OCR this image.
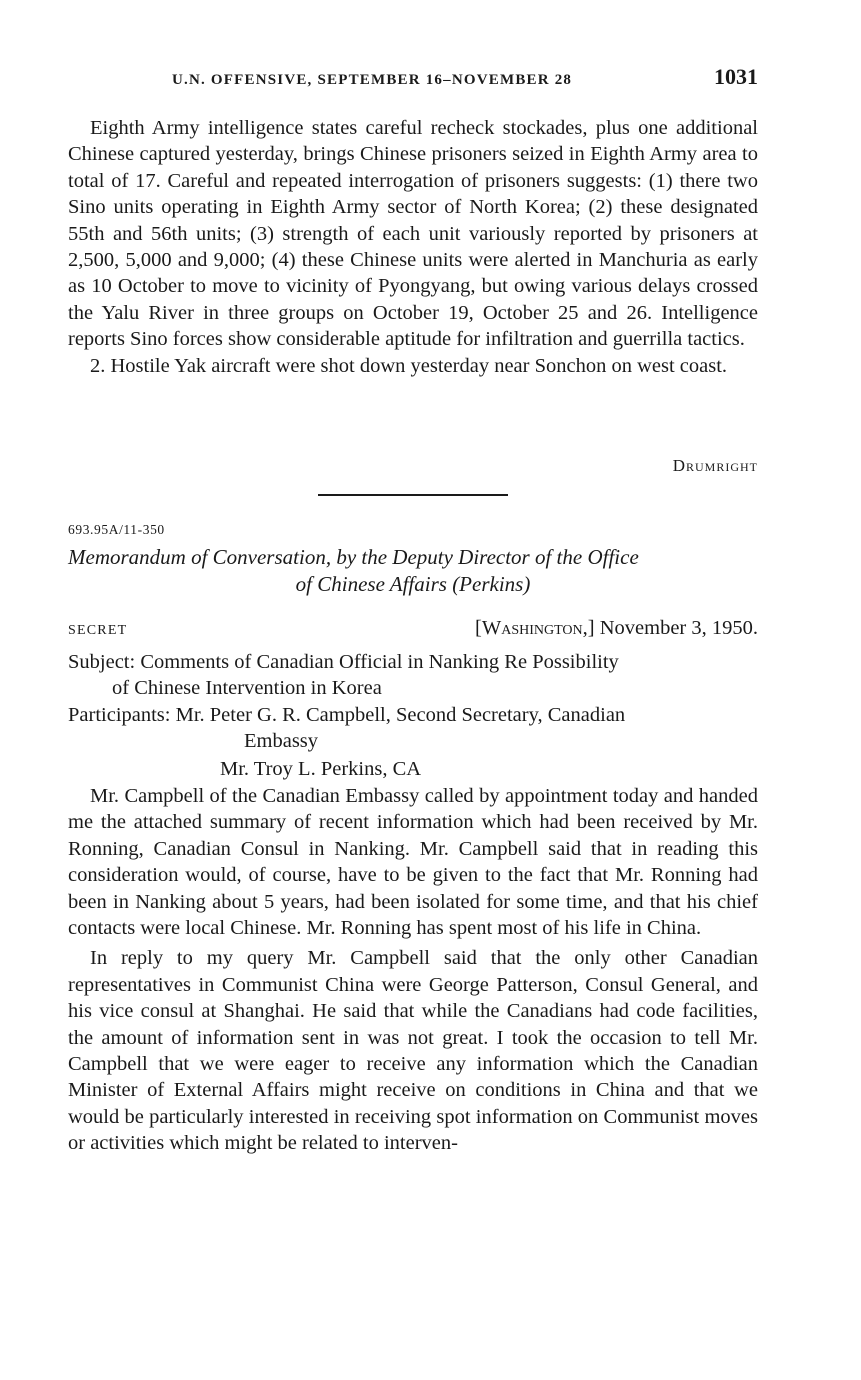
U.N. OFFENSIVE, SEPTEMBER 16–NOVEMBER 28	1031

Eighth Army intelligence states careful recheck stockades, plus one additional Chinese captured yesterday, brings Chinese prisoners seized in Eighth Army area to total of 17. Careful and repeated interrogation of prisoners suggests: (1) there two Sino units operating in Eighth Army sector of North Korea; (2) these designated 55th and 56th units; (3) strength of each unit variously reported by prisoners at 2,500, 5,000 and 9,000; (4) these Chinese units were alerted in Manchuria as early as 10 October to move to vicinity of Pyongyang, but owing various delays crossed the Yalu River in three groups on October 19, October 25 and 26. Intelligence reports Sino forces show considerable aptitude for infiltration and guerrilla tactics.

2. Hostile Yak aircraft were shot down yesterday near Sonchon on west coast.

Drumright
693.95A/11-350
Memorandum of Conversation, by the Deputy Director of the Office
of Chinese Affairs (Perkins)
SECRET	[Washington,] November 3, 1950.
Subject: Comments of Canadian Official in Nanking Re Possibility
of Chinese Intervention in Korea
Participants: Mr. Peter G. R. Campbell, Second Secretary, Canadian
Embassy
Mr. Troy L. Perkins, CA

Mr. Campbell of the Canadian Embassy called by appointment today and handed me the attached summary of recent information which had been received by Mr. Ronning, Canadian Consul in Nanking. Mr. Campbell said that in reading this consideration would, of course, have to be given to the fact that Mr. Ronning had been in Nanking about 5 years, had been isolated for some time, and that his chief contacts were local Chinese. Mr. Ronning has spent most of his life in China.

In reply to my query Mr. Campbell said that the only other Canadian representatives in Communist China were George Patterson, Consul General, and his vice consul at Shanghai. He said that while the Canadians had code facilities, the amount of information sent in was not great. I took the occasion to tell Mr. Campbell that we were eager to receive any information which the Canadian Minister of External Affairs might receive on conditions in China and that we would be particularly interested in receiving spot information on Communist moves or activities which might be related to interven-
